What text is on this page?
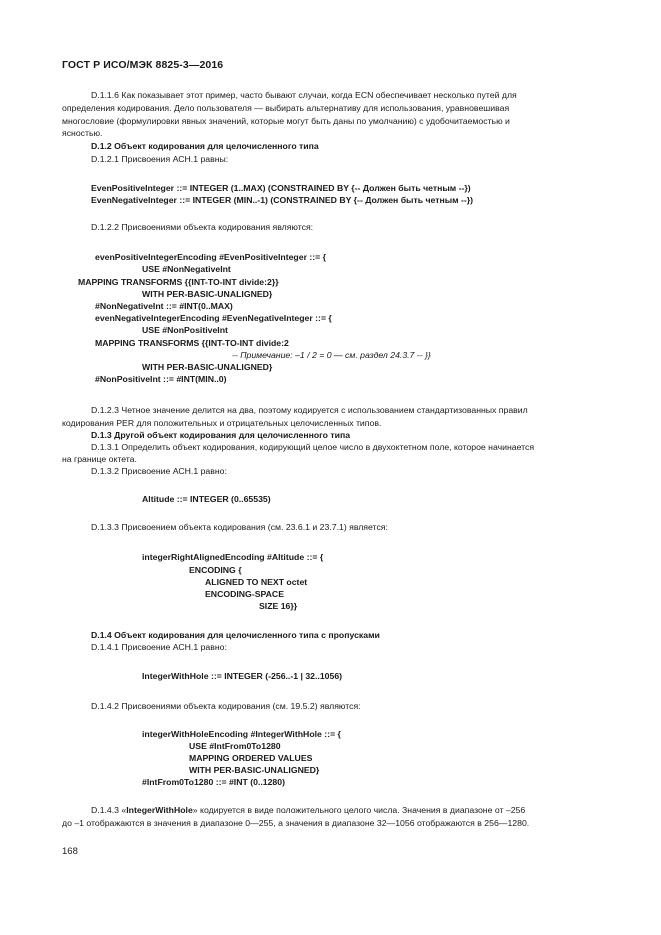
ГОСТ Р ИСО/МЭК 8825-3—2016
D.1.1.6 Как показывает этот пример, часто бывают случаи, когда ECN обеспечивает несколько путей для
определения кодирования. Дело пользователя — выбирать альтернативу для использования, уравновешивая
многословие (формулировки явных значений, которые могут быть даны по умолчанию) с удобочитаемостью и
ясностью.
D.1.2 Объект кодирования для целочисленного типа
D.1.2.1 Присвоения АСН.1 равны:
EvenPositiveInteger ::= INTEGER (1..MAX) (CONSTRAINED BY {-- Должен быть четным --})
EvenNegativeInteger ::= INTEGER (MIN..-1) (CONSTRAINED BY {-- Должен быть четным --})
D.1.2.2 Присвоениями объекта кодирования являются:
evenPositiveIntegerEncoding #EvenPositiveInteger ::= {
USE #NonNegativeInt
MAPPING TRANSFORMS {{INT-TO-INT divide:2}}
WITH PER-BASIC-UNALIGNED}
#NonNegativeInt ::= #INT(0..MAX)
evenNegativeIntegerEncoding #EvenNegativeInteger ::= {
USE #NonPositiveInt
MAPPING TRANSFORMS {{INT-TO-INT divide:2
-- Примечание: –1 / 2 = 0 — см. раздел 24.3.7 -- }}
WITH PER-BASIC-UNALIGNED}
#NonPositiveInt ::= #INT(MIN..0)
D.1.2.3 Четное значение делится на два, поэтому кодируется с использованием стандартизованных правил
кодирования PER для положительных и отрицательных целочисленных типов.
D.1.3 Другой объект кодирования для целочисленного типа
D.1.3.1 Определить объект кодирования, кодирующий целое число в двухоктетном поле, которое начинается
на границе октета.
D.1.3.2 Присвоение АСН.1 равно:
Altitude ::= INTEGER (0..65535)
D.1.3.3 Присвоением объекта кодирования (см. 23.6.1 и 23.7.1) является:
integerRightAlignedEncoding #Altitude ::= {
ENCODING {
ALIGNED TO NEXT octet
ENCODING-SPACE
SIZE 16}}
D.1.4 Объект кодирования для целочисленного типа с пропусками
D.1.4.1 Присвоение АСН.1 равно:
IntegerWithHole ::= INTEGER (-256..-1 | 32..1056)
D.1.4.2 Присвоениями объекта кодирования (см. 19.5.2) являются:
integerWithHoleEncoding #IntegerWithHole ::= {
USE #IntFrom0To1280
MAPPING ORDERED VALUES
WITH PER-BASIC-UNALIGNED}
#IntFrom0To1280 ::= #INT (0..1280)
D.1.4.3 «IntegerWithHole» кодируется в виде положительного целого числа. Значения в диапазоне от –256
до –1 отображаются в значения в диапазоне 0—255, а значения в диапазоне 32—1056 отображаются в 256—1280.
168
